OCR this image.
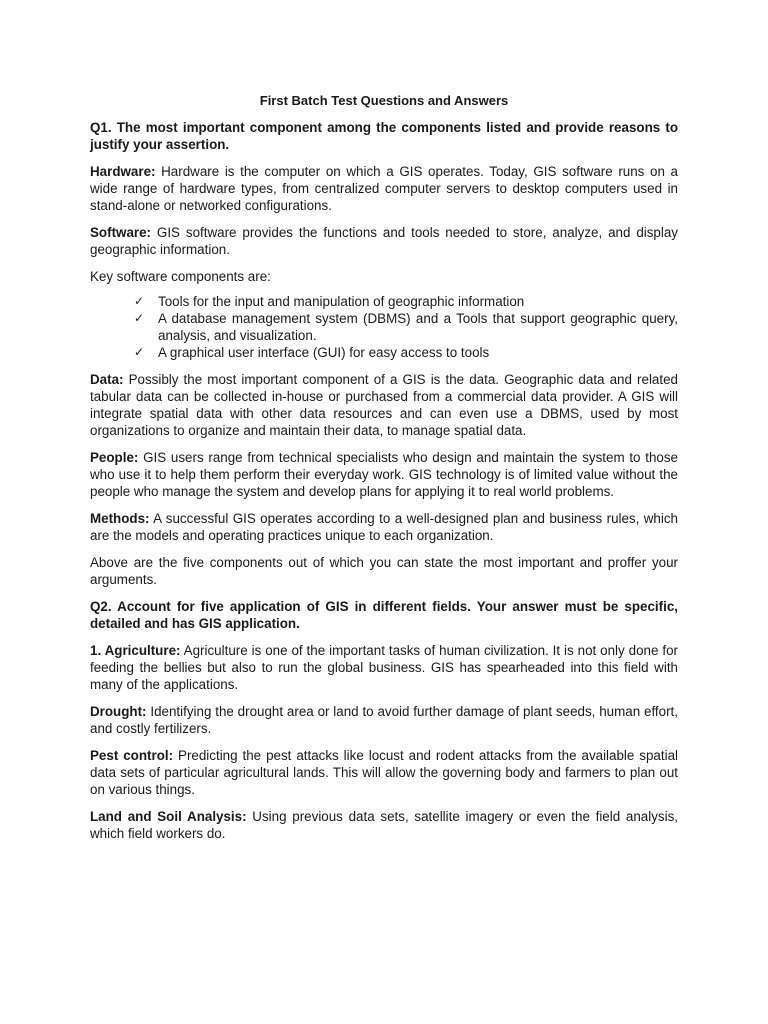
First Batch Test Questions and Answers
Q1. The most important component among the components listed and provide reasons to justify your assertion.

Hardware: Hardware is the computer on which a GIS operates. Today, GIS software runs on a wide range of hardware types, from centralized computer servers to desktop computers used in stand-alone or networked configurations.

Software: GIS software provides the functions and tools needed to store, analyze, and display geographic information.

Key software components are:

✓	Tools for the input and manipulation of geographic information
✓	A database management system (DBMS) and a Tools that support geographic query, analysis, and visualization.
✓	A graphical user interface (GUI) for easy access to tools

Data: Possibly the most important component of a GIS is the data. Geographic data and related tabular data can be collected in-house or purchased from a commercial data provider. A GIS will integrate spatial data with other data resources and can even use a DBMS, used by most organizations to organize and maintain their data, to manage spatial data.

People: GIS users range from technical specialists who design and maintain the system to those who use it to help them perform their everyday work. GIS technology is of limited value without the people who manage the system and develop plans for applying it to real world problems.

Methods: A successful GIS operates according to a well-designed plan and business rules, which are the models and operating practices unique to each organization.

Above are the five components out of which you can state the most important and proffer your arguments.

Q2. Account for five application of GIS in different fields. Your answer must be specific, detailed and has GIS application.

1. Agriculture: Agriculture is one of the important tasks of human civilization. It is not only done for feeding the bellies but also to run the global business. GIS has spearheaded into this field with many of the applications.

Drought: Identifying the drought area or land to avoid further damage of plant seeds, human effort, and costly fertilizers.

Pest control: Predicting the pest attacks like locust and rodent attacks from the available spatial data sets of particular agricultural lands. This will allow the governing body and farmers to plan out on various things.

Land and Soil Analysis: Using previous data sets, satellite imagery or even the field analysis, which field workers do.
